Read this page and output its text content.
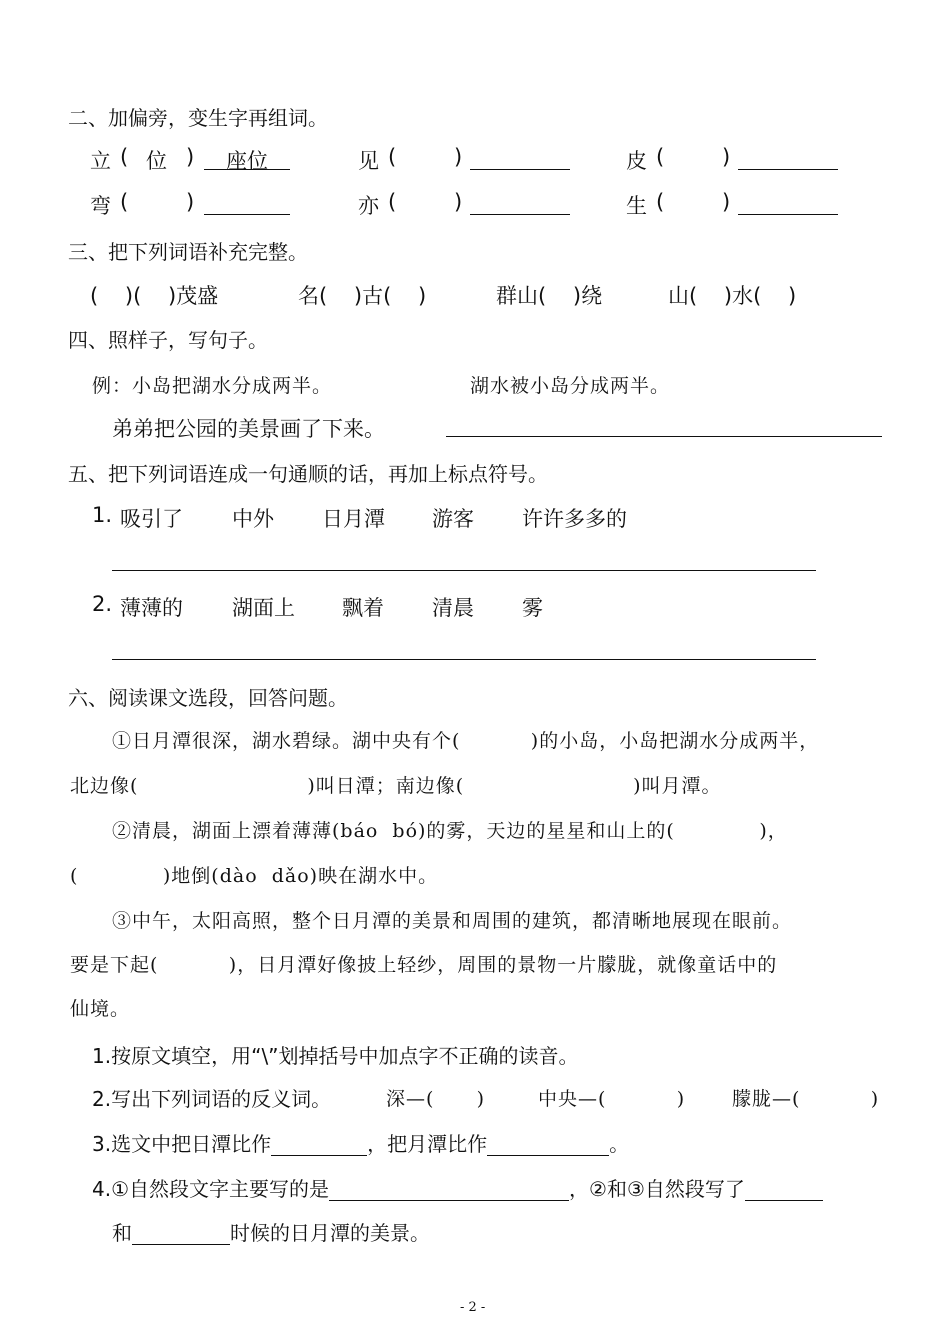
二、加偏旁，变生字再组词。
立 ( 位 ) 座位	见 (	)	皮 (	)
弯 (	)	亦 (	)	生 (	)
三、把下列词语补充完整。
(    )(    )茂盛	名(    )古(    )	群山(    )绕	山(    )水(    )
四、照样子，写句子。
例：小岛把湖水分成两半。	湖水被小岛分成两半。
弟弟把公园的美景画了下来。
五、把下列词语连成一句通顺的话，再加上标点符号。
1. 吸引了 中外 日月潭 游客 许许多多的
2. 薄薄的 湖面上 飘着 清晨 雾
六、阅读课文选段，回答问题。
①日月潭很深，湖水碧绿。湖中央有个(          )的小岛，小岛把湖水分成两半，
北边像(                        )叫日潭；南边像(                        )叫月潭。
②清晨，湖面上漂着薄薄(báo  bó)的雾，天边的星星和山上的(            )，
(            )地倒(dào  dǎo)映在湖水中。
③中午，太阳高照，整个日月潭的美景和周围的建筑，都清晰地展现在眼前。
要是下起(          )，日月潭好像披上轻纱，周围的景物一片朦胧，就像童话中的
仙境。
1.按原文填空，用“\”划掉括号中加点字不正确的读音。
2.写出下列词语的反义词。	深—(      )	中央—(          ) 朦胧—(          )
3.选文中把日潭比作	，把月潭比作	。
4.①自然段文字主要写的是	，②和③自然段写了
和	时候的日月潭的美景。
- 2 -
